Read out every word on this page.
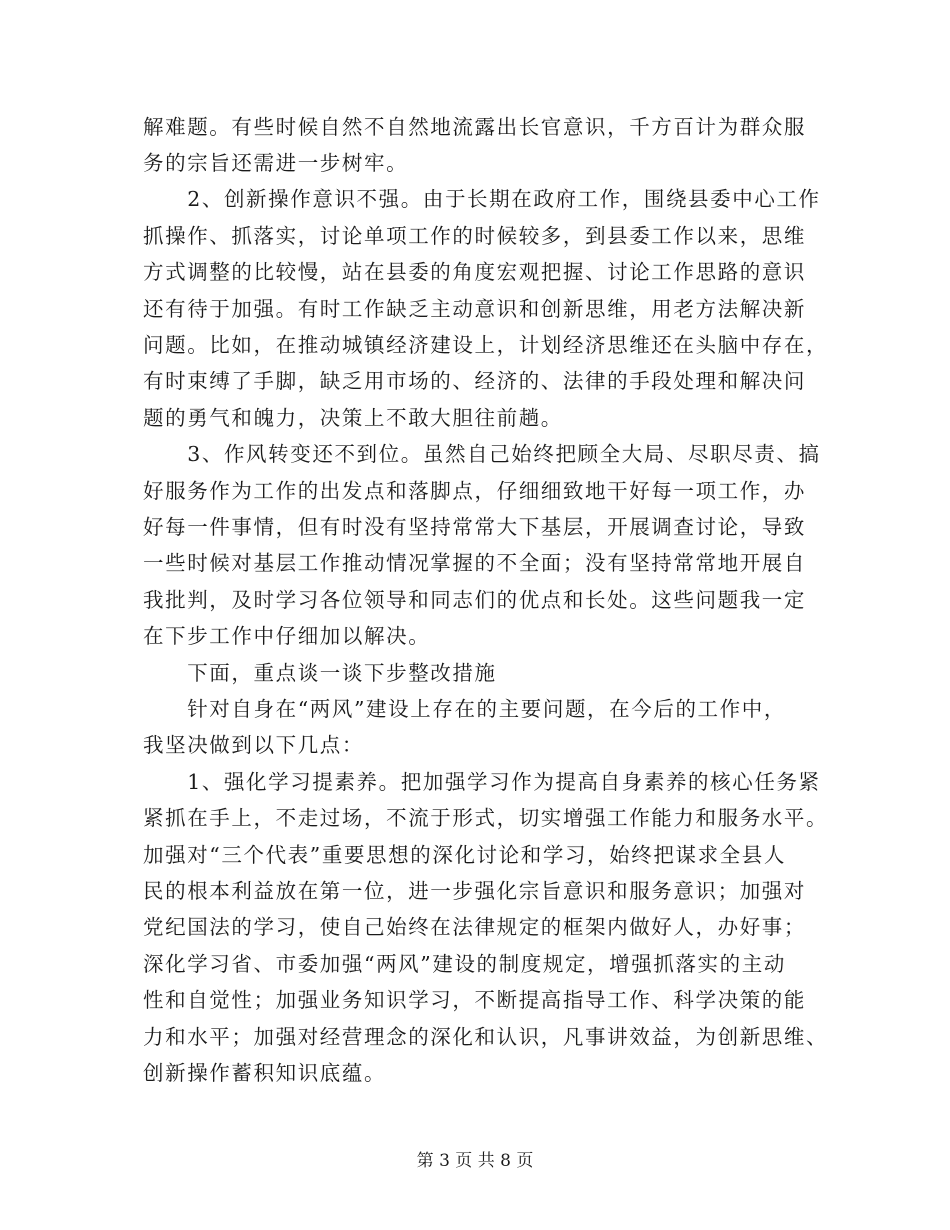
解难题。有些时候自然不自然地流露出长官意识，千方百计为群众服
务的宗旨还需进一步树牢。
　　2、创新操作意识不强。由于长期在政府工作，围绕县委中心工作
抓操作、抓落实，讨论单项工作的时候较多，到县委工作以来，思维
方式调整的比较慢，站在县委的角度宏观把握、讨论工作思路的意识
还有待于加强。有时工作缺乏主动意识和创新思维，用老方法解决新
问题。比如，在推动城镇经济建设上，计划经济思维还在头脑中存在，
有时束缚了手脚，缺乏用市场的、经济的、法律的手段处理和解决问
题的勇气和魄力，决策上不敢大胆往前趟。
　　3、作风转变还不到位。虽然自己始终把顾全大局、尽职尽责、搞
好服务作为工作的出发点和落脚点，仔细细致地干好每一项工作，办
好每一件事情，但有时没有坚持常常大下基层，开展调查讨论，导致
一些时候对基层工作推动情况掌握的不全面；没有坚持常常地开展自
我批判，及时学习各位领导和同志们的优点和长处。这些问题我一定
在下步工作中仔细加以解决。
　　下面，重点谈一谈下步整改措施
　　针对自身在“两风”建设上存在的主要问题，在今后的工作中，
我坚决做到以下几点：
　　1、强化学习提素养。把加强学习作为提高自身素养的核心任务紧
紧抓在手上，不走过场，不流于形式，切实增强工作能力和服务水平。
加强对“三个代表”重要思想的深化讨论和学习，始终把谋求全县人
民的根本利益放在第一位，进一步强化宗旨意识和服务意识；加强对
党纪国法的学习，使自己始终在法律规定的框架内做好人，办好事；
深化学习省、市委加强“两风”建设的制度规定，增强抓落实的主动
性和自觉性；加强业务知识学习，不断提高指导工作、科学决策的能
力和水平；加强对经营理念的深化和认识，凡事讲效益，为创新思维、
创新操作蓄积知识底蕴。
第 3 页 共 8 页
